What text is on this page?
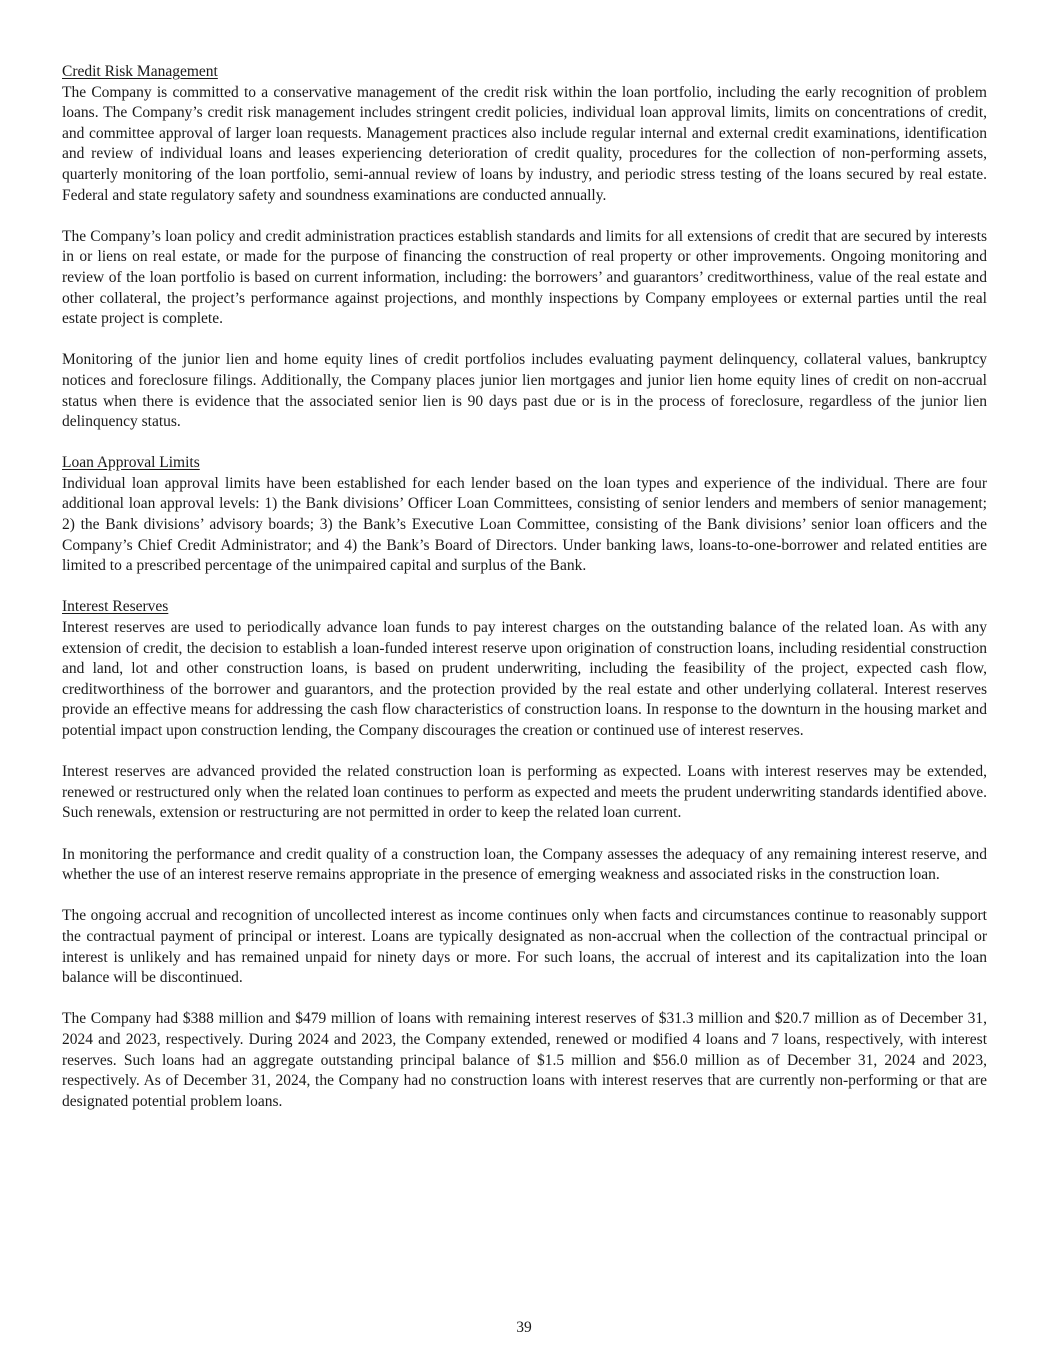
Credit Risk Management

The Company is committed to a conservative management of the credit risk within the loan portfolio, including the early recognition of problem loans. The Company’s credit risk management includes stringent credit policies, individual loan approval limits, limits on concentrations of credit, and committee approval of larger loan requests. Management practices also include regular internal and external credit examinations, identification and review of individual loans and leases experiencing deterioration of credit quality, procedures for the collection of non-performing assets, quarterly monitoring of the loan portfolio, semi-annual review of loans by industry, and periodic stress testing of the loans secured by real estate. Federal and state regulatory safety and soundness examinations are conducted annually.

The Company’s loan policy and credit administration practices establish standards and limits for all extensions of credit that are secured by interests in or liens on real estate, or made for the purpose of financing the construction of real property or other improvements. Ongoing monitoring and review of the loan portfolio is based on current information, including: the borrowers’ and guarantors’ creditworthiness, value of the real estate and other collateral, the project’s performance against projections, and monthly inspections by Company employees or external parties until the real estate project is complete.

Monitoring of the junior lien and home equity lines of credit portfolios includes evaluating payment delinquency, collateral values, bankruptcy notices and foreclosure filings. Additionally, the Company places junior lien mortgages and junior lien home equity lines of credit on non-accrual status when there is evidence that the associated senior lien is 90 days past due or is in the process of foreclosure, regardless of the junior lien delinquency status.

Loan Approval Limits

Individual loan approval limits have been established for each lender based on the loan types and experience of the individual. There are four additional loan approval levels: 1) the Bank divisions’ Officer Loan Committees, consisting of senior lenders and members of senior management; 2) the Bank divisions’ advisory boards; 3) the Bank’s Executive Loan Committee, consisting of the Bank divisions’ senior loan officers and the Company’s Chief Credit Administrator; and 4) the Bank’s Board of Directors. Under banking laws, loans-to-one-borrower and related entities are limited to a prescribed percentage of the unimpaired capital and surplus of the Bank.

Interest Reserves

Interest reserves are used to periodically advance loan funds to pay interest charges on the outstanding balance of the related loan. As with any extension of credit, the decision to establish a loan-funded interest reserve upon origination of construction loans, including residential construction and land, lot and other construction loans, is based on prudent underwriting, including the feasibility of the project, expected cash flow, creditworthiness of the borrower and guarantors, and the protection provided by the real estate and other underlying collateral. Interest reserves provide an effective means for addressing the cash flow characteristics of construction loans. In response to the downturn in the housing market and potential impact upon construction lending, the Company discourages the creation or continued use of interest reserves.

Interest reserves are advanced provided the related construction loan is performing as expected. Loans with interest reserves may be extended, renewed or restructured only when the related loan continues to perform as expected and meets the prudent underwriting standards identified above. Such renewals, extension or restructuring are not permitted in order to keep the related loan current.

In monitoring the performance and credit quality of a construction loan, the Company assesses the adequacy of any remaining interest reserve, and whether the use of an interest reserve remains appropriate in the presence of emerging weakness and associated risks in the construction loan.

The ongoing accrual and recognition of uncollected interest as income continues only when facts and circumstances continue to reasonably support the contractual payment of principal or interest. Loans are typically designated as non-accrual when the collection of the contractual principal or interest is unlikely and has remained unpaid for ninety days or more. For such loans, the accrual of interest and its capitalization into the loan balance will be discontinued.

The Company had $388 million and $479 million of loans with remaining interest reserves of $31.3 million and $20.7 million as of December 31, 2024 and 2023, respectively. During 2024 and 2023, the Company extended, renewed or modified 4 loans and 7 loans, respectively, with interest reserves. Such loans had an aggregate outstanding principal balance of $1.5 million and $56.0 million as of December 31, 2024 and 2023, respectively. As of December 31, 2024, the Company had no construction loans with interest reserves that are currently non-performing or that are designated potential problem loans.

39
